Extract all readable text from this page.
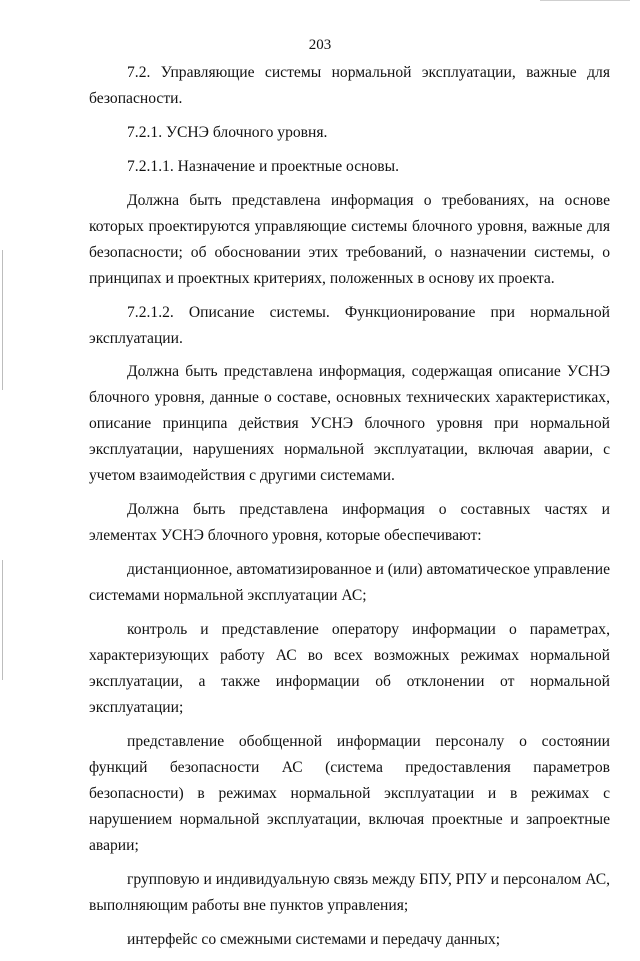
203

7.2. Управляющие системы нормальной эксплуатации, важные для безопасности.

7.2.1. УСНЭ блочного уровня.

7.2.1.1. Назначение и проектные основы.

Должна быть представлена информация о требованиях, на основе которых проектируются управляющие системы блочного уровня, важные для безопасности; об обосновании этих требований, о назначении системы, о принципах и проектных критериях, положенных в основу их проекта.

7.2.1.2. Описание системы. Функционирование при нормальной эксплуатации.

Должна быть представлена информация, содержащая описание УСНЭ блочного уровня, данные о составе, основных технических характеристиках, описание принципа действия УСНЭ блочного уровня при нормальной эксплуатации, нарушениях нормальной эксплуатации, включая аварии, с учетом взаимодействия с другими системами.

Должна быть представлена информация о составных частях и элементах УСНЭ блочного уровня, которые обеспечивают:

дистанционное, автоматизированное и (или) автоматическое управление системами нормальной эксплуатации АС;

контроль и представление оператору информации о параметрах, характеризующих работу АС во всех возможных режимах нормальной эксплуатации, а также информации об отклонении от нормальной эксплуатации;

представление обобщенной информации персоналу о состоянии функций безопасности АС (система предоставления параметров безопасности) в режимах нормальной эксплуатации и в режимах с нарушением нормальной эксплуатации, включая проектные и запроектные аварии;

групповую и индивидуальную связь между БПУ, РПУ и персоналом АС, выполняющим работы вне пунктов управления;

интерфейс со смежными системами и передачу данных;
